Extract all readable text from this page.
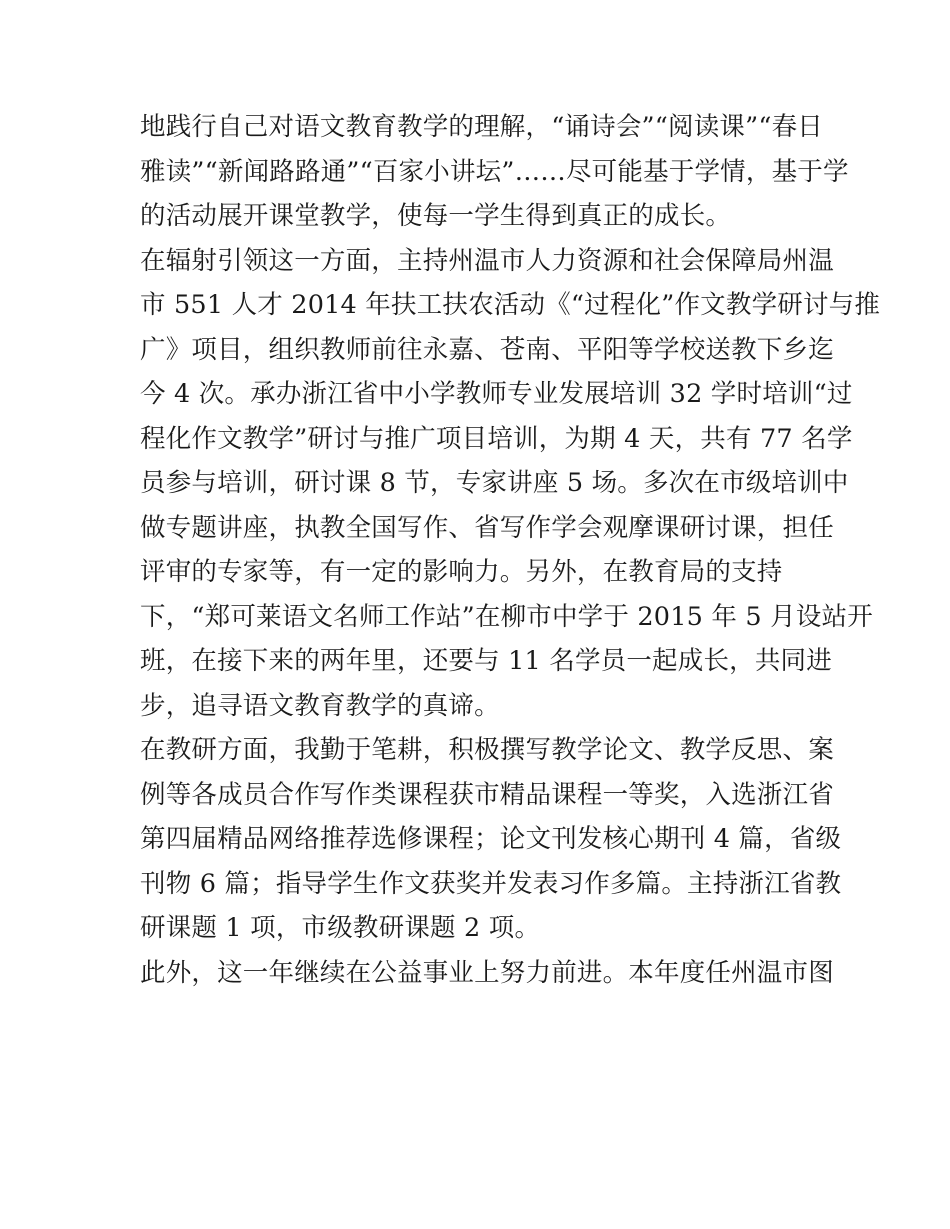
地践行自己对语文教育教学的理解，“诵诗会”“阅读课”“春日
雅读”“新闻路路通”“百家小讲坛”……尽可能基于学情，基于学
的活动展开课堂教学，使每一学生得到真正的成长。
在辐射引领这一方面，主持州温市人力资源和社会保障局州温
市 551 人才 2014 年扶工扶农活动《“过程化”作文教学研讨与推
广》项目，组织教师前往永嘉、苍南、平阳等学校送教下乡迄
今 4 次。承办浙江省中小学教师专业发展培训 32 学时培训“过
程化作文教学”研讨与推广项目培训，为期 4 天，共有 77 名学
员参与培训，研讨课 8 节，专家讲座 5 场。多次在市级培训中
做专题讲座，执教全国写作、省写作学会观摩课研讨课，担任
评审的专家等，有一定的影响力。另外，在教育局的支持
下，“郑可莱语文名师工作站”在柳市中学于 2015 年 5 月设站开
班，在接下来的两年里，还要与 11 名学员一起成长，共同进
步，追寻语文教育教学的真谛。
在教研方面，我勤于笔耕，积极撰写教学论文、教学反思、案
例等各成员合作写作类课程获市精品课程一等奖，入选浙江省
第四届精品网络推荐选修课程；论文刊发核心期刊 4 篇，省级
刊物 6 篇；指导学生作文获奖并发表习作多篇。主持浙江省教
研课题 1 项，市级教研课题 2 项。
此外，这一年继续在公益事业上努力前进。本年度任州温市图
